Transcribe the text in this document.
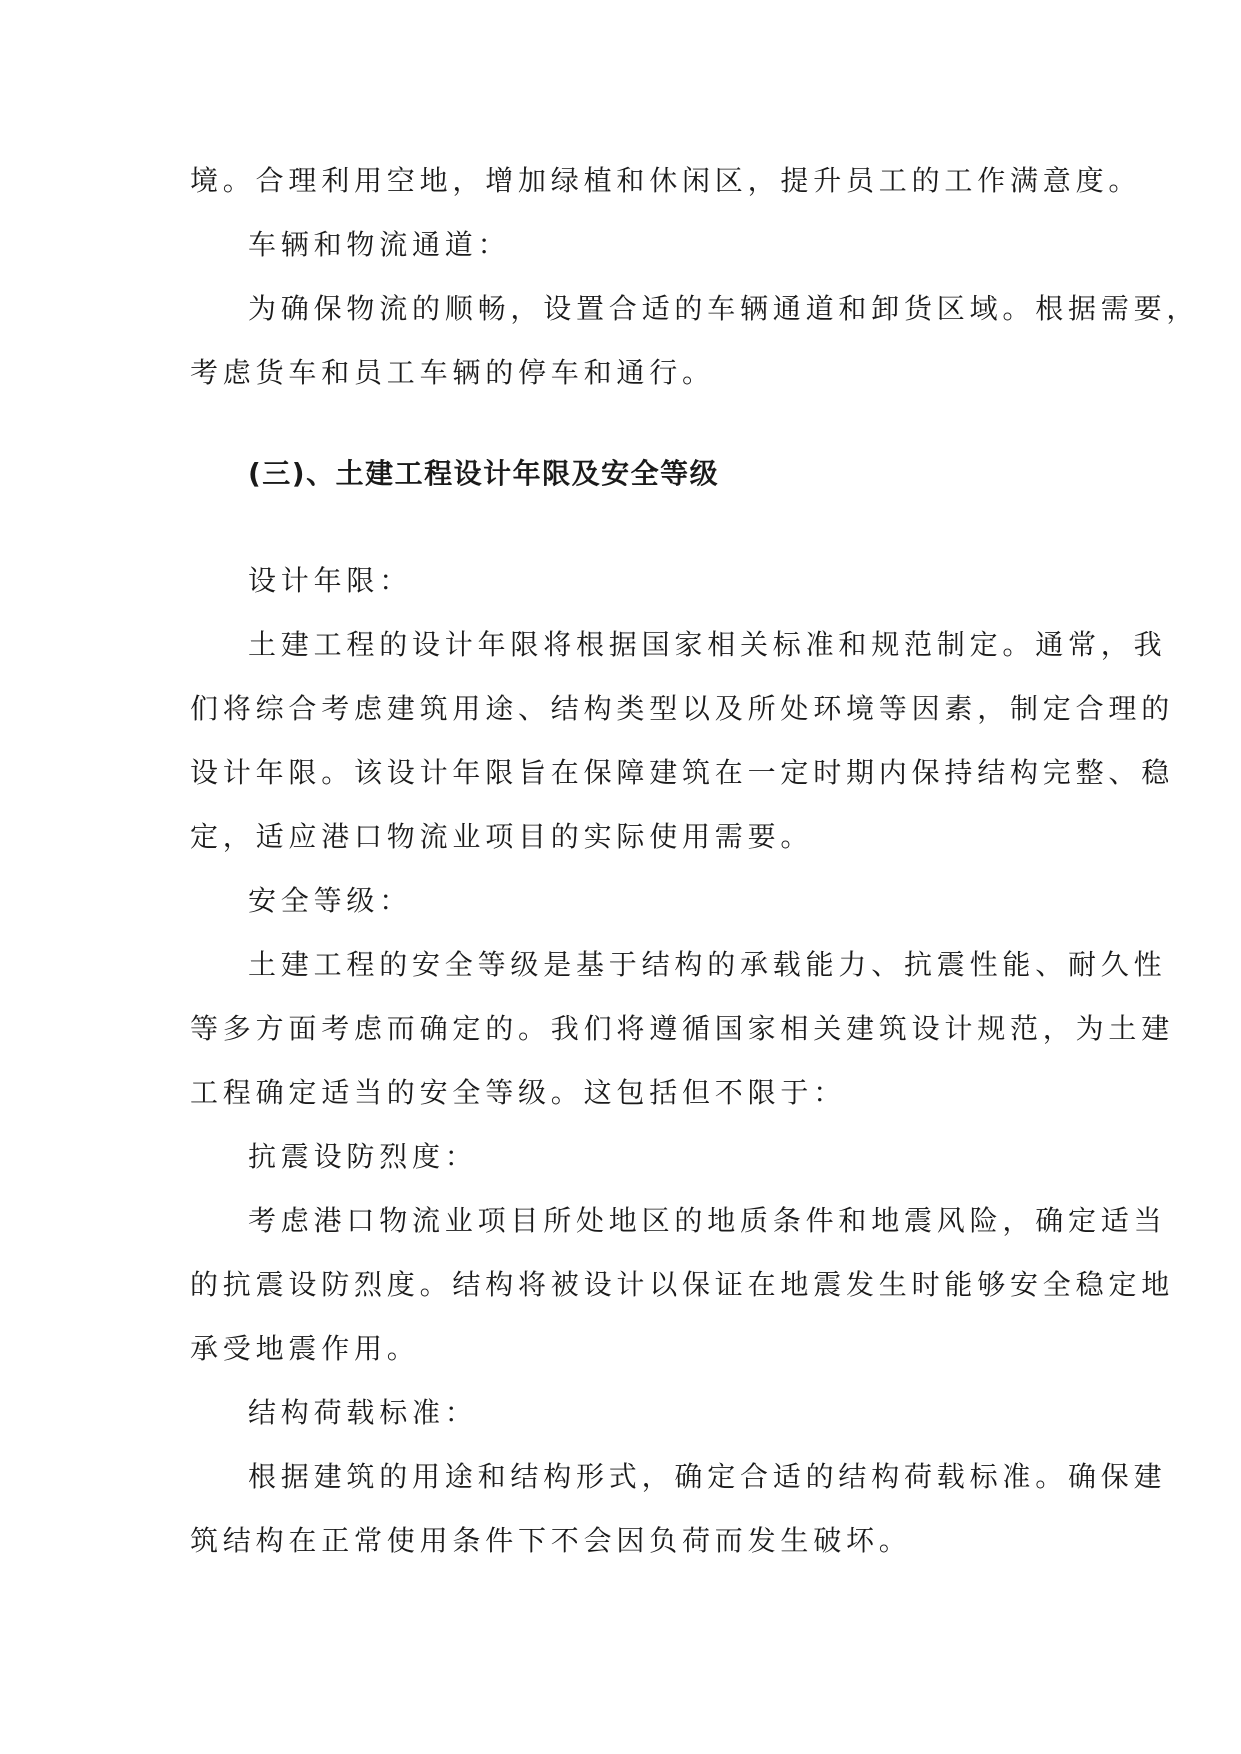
境。合理利用空地，增加绿植和休闲区，提升员工的工作满意度。
车辆和物流通道：
为确保物流的顺畅，设置合适的车辆通道和卸货区域。根据需要，
考虑货车和员工车辆的停车和通行。
(三)、土建工程设计年限及安全等级
设计年限：
土建工程的设计年限将根据国家相关标准和规范制定。通常，我
们将综合考虑建筑用途、结构类型以及所处环境等因素，制定合理的
设计年限。该设计年限旨在保障建筑在一定时期内保持结构完整、稳
定，适应港口物流业项目的实际使用需要。
安全等级：
土建工程的安全等级是基于结构的承载能力、抗震性能、耐久性
等多方面考虑而确定的。我们将遵循国家相关建筑设计规范，为土建
工程确定适当的安全等级。这包括但不限于：
抗震设防烈度：
考虑港口物流业项目所处地区的地质条件和地震风险，确定适当
的抗震设防烈度。结构将被设计以保证在地震发生时能够安全稳定地
承受地震作用。
结构荷载标准：
根据建筑的用途和结构形式，确定合适的结构荷载标准。确保建
筑结构在正常使用条件下不会因负荷而发生破坏。
